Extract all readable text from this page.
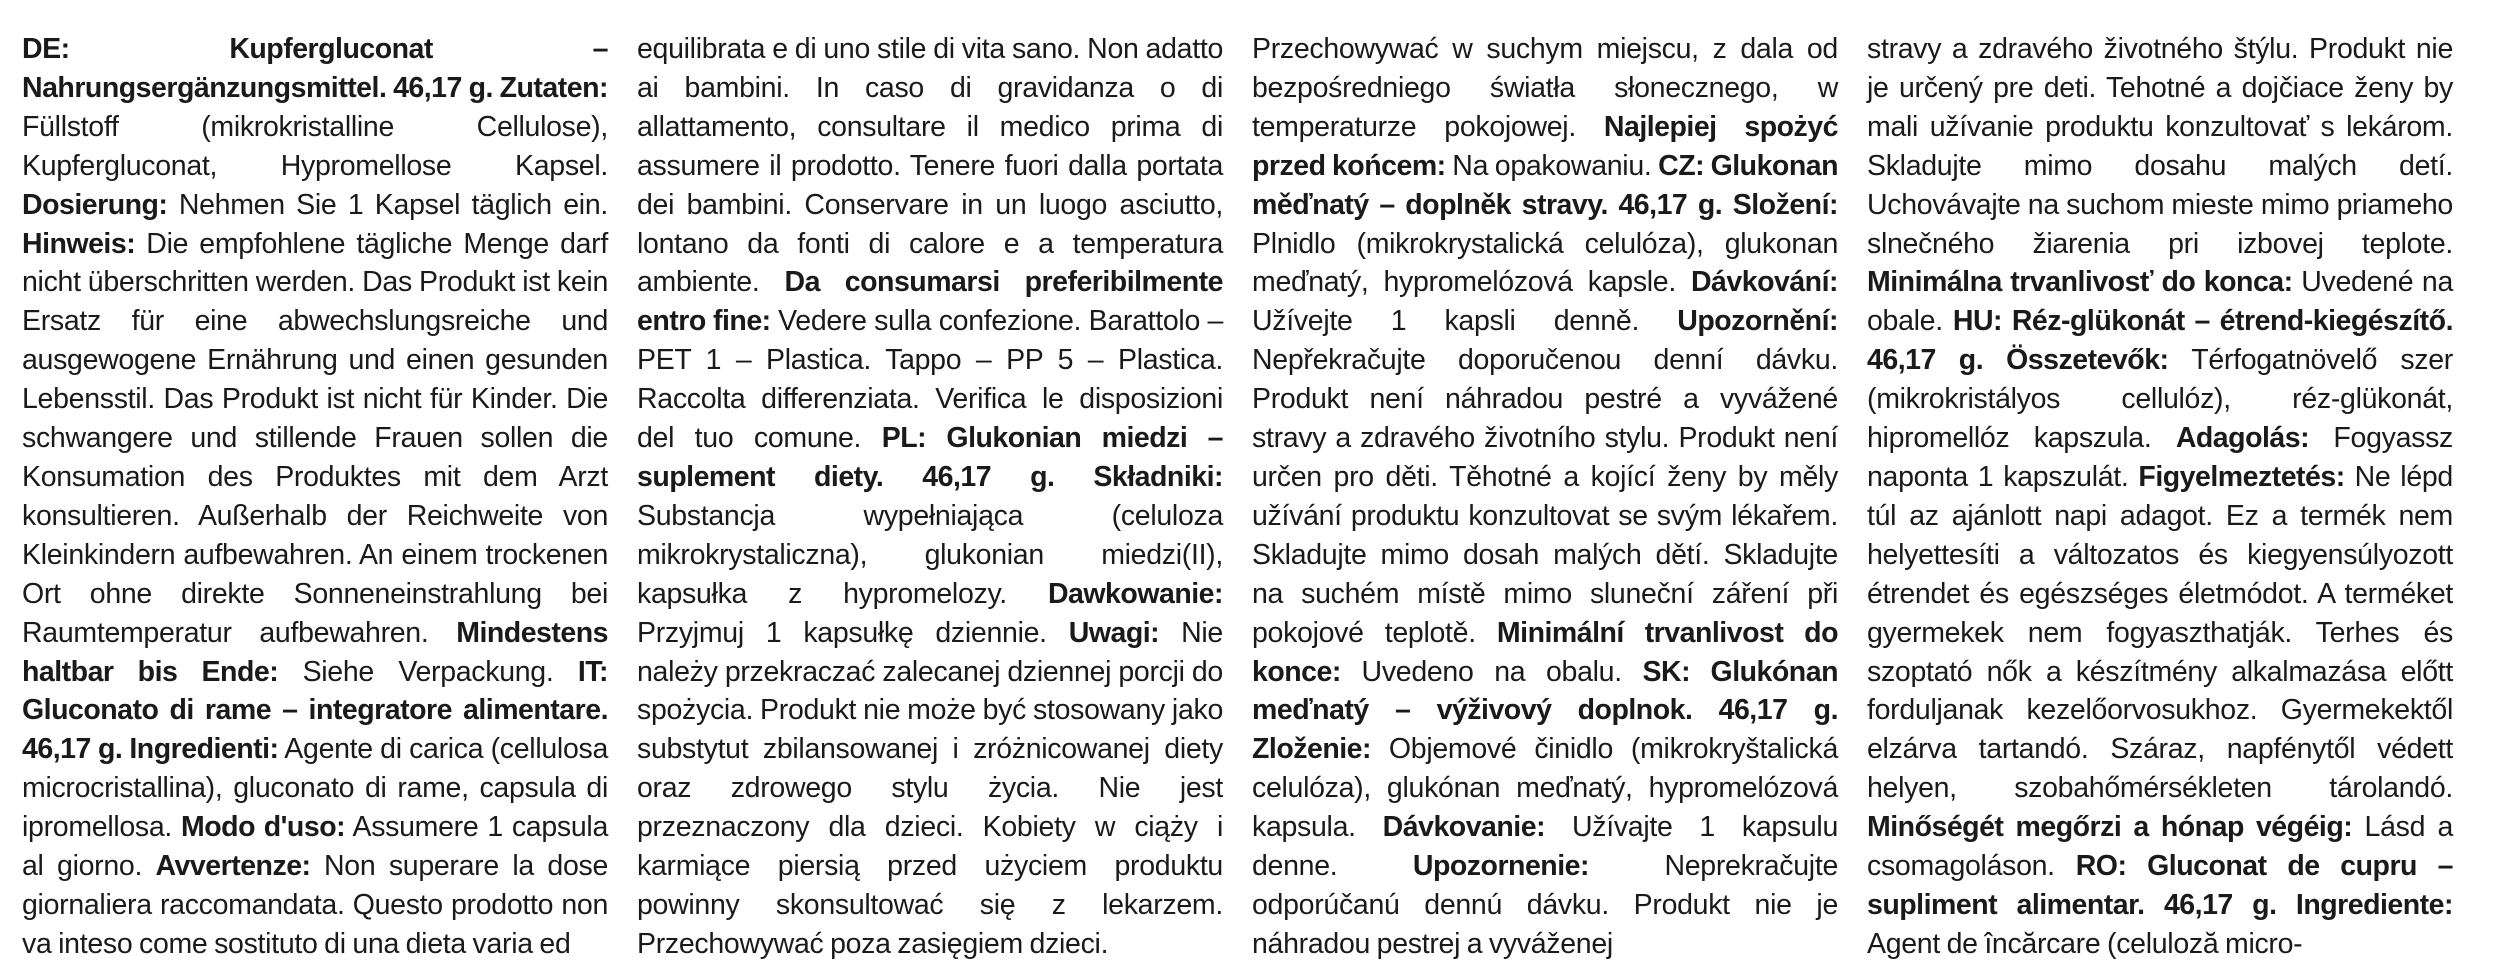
DE: Kupfergluconat – Nahrungsergänzungsmittel. 46,17 g. Zutaten: Füllstoff (mikrokristalline Cellulose), Kupfergluconat, Hypromellose Kapsel. Dosierung: Nehmen Sie 1 Kapsel täglich ein. Hinweis: Die empfohlene tägliche Menge darf nicht überschritten werden. Das Produkt ist kein Ersatz für eine abwechslungsreiche und ausgewogene Ernährung und einen gesunden Lebensstil. Das Produkt ist nicht für Kinder. Die schwangere und stillende Frauen sollen die Konsumation des Produktes mit dem Arzt konsultieren. Außerhalb der Reichweite von Kleinkindern aufbewahren. An einem trockenen Ort ohne direkte Sonneneinstrahlung bei Raumtemperatur aufbewahren. Mindestens haltbar bis Ende: Siehe Verpackung. IT: Gluconato di rame – integratore alimentare. 46,17 g. Ingredienti: Agente di carica (cellulosa microcristallina), gluconato di rame, capsula di ipromellosa. Modo d'uso: Assumere 1 capsula al giorno. Avvertenze: Non superare la dose giornaliera raccomandata. Questo prodotto non va inteso come sostituto di una dieta varia ed
equilibrata e di uno stile di vita sano. Non adatto ai bambini. In caso di gravidanza o di allattamento, consultare il medico prima di assumere il prodotto. Tenere fuori dalla portata dei bambini. Conservare in un luogo asciutto, lontano da fonti di calore e a temperatura ambiente. Da consumarsi preferibilmente entro fine: Vedere sulla confezione. Barattolo – PET 1 – Plastica. Tappo – PP 5 – Plastica. Raccolta differenziata. Verifica le disposizioni del tuo comune. PL: Glukonian miedzi – suplement diety. 46,17 g. Składniki: Substancja wypełniająca (celuloza mikrokrystaliczna), glukonian miedzi(II), kapsułka z hypromelozy. Dawkowanie: Przyjmuj 1 kapsułkę dziennie. Uwagi: Nie należy przekraczać zalecanej dziennej porcji do spożycia. Produkt nie może być stosowany jako substytut zbilansowanej i zróżnicowanej diety oraz zdrowego stylu życia. Nie jest przeznaczony dla dzieci. Kobiety w ciąży i karmiące piersią przed użyciem produktu powinny skonsultować się z lekarzem. Przechowywać poza zasięgiem dzieci.
Przechowywać w suchym miejscu, z dala od bezpośredniego światła słonecznego, w temperaturze pokojowej. Najlepiej spożyć przed końcem: Na opakowaniu. CZ: Glukonan měďnatý – doplněk stravy. 46,17 g. Složení: Plnidlo (mikrokrystalická celulóza), glukonan meďnatý, hypromelózová kapsle. Dávkování: Užívejte 1 kapsli denně. Upozornění: Nepřekračujte doporučenou denní dávku. Produkt není náhradou pestré a vyvážené stravy a zdravého životního stylu. Produkt není určen pro děti. Těhotné a kojící ženy by měly užívání produktu konzultovat se svým lékařem. Skladujte mimo dosah malých dětí. Skladujte na suchém místě mimo sluneční záření při pokojové teplotě. Minimální trvanlivost do konce: Uvedeno na obalu. SK: Glukónan meďnatý – výživový doplnok. 46,17 g. Zloženie: Objemové činidlo (mikrokryštalická celulóza), glukónan meďnatý, hypromelózová kapsula. Dávkovanie: Užívajte 1 kapsulu denne. Upozornenie: Neprekračujte odporúčanú dennú dávku. Produkt nie je náhradou pestrej a vyváženej
stravy a zdravého životného štýlu. Produkt nie je určený pre deti. Tehotné a dojčiace ženy by mali užívanie produktu konzultovať s lekárom. Skladujte mimo dosahu malých detí. Uchovávajte na suchom mieste mimo priameho slnečného žiarenia pri izbovej teplote. Minimálna trvanlivosť do konca: Uvedené na obale. HU: Réz-glükonát – étrend-kiegészítő. 46,17 g. Összetevők: Térfogatnövelő szer (mikrokristályos cellulóz), réz-glükonát, hipromellóz kapszula. Adagolás: Fogyassz naponta 1 kapszulát. Figyelmeztetés: Ne lépd túl az ajánlott napi adagot. Ez a termék nem helyettesíti a változatos és kiegyensúlyozott étrendet és egészséges életmódot. A terméket gyermekek nem fogyaszthatják. Terhes és szoptató nők a készítmény alkalmazása előtt forduljanak kezelőorvosukhoz. Gyermekektől elzárva tartandó. Száraz, napfénytől védett helyen, szobahőmérsékleten tárolandó. Minőségét megőrzi a hónap végéig: Lásd a csomagoláson. RO: Gluconat de cupru – supliment alimentar. 46,17 g. Ingrediente: Agent de încărcare (celuloză micro-
